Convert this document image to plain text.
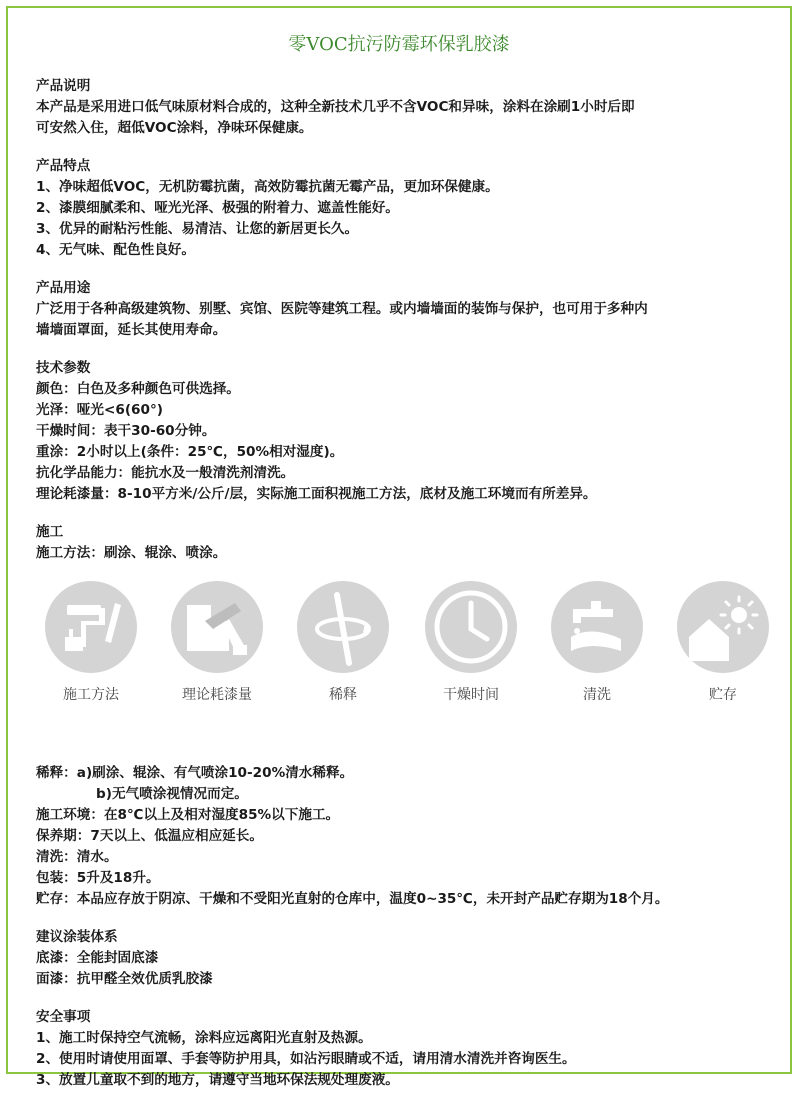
零VOC抗污防霉环保乳胶漆
产品说明
本产品是采用进口低气味原材料合成的，这种全新技术几乎不含VOC和异味，涂料在涂刷1小时后即
可安然入住，超低VOC涂料，净味环保健康。
产品特点
1、净味超低VOC，无机防霉抗菌，高效防霉抗菌无霉产品，更加环保健康。
2、漆膜细腻柔和、哑光光泽、极强的附着力、遮盖性能好。
3、优异的耐粘污性能、易清洁、让您的新居更长久。
4、无气味、配色性良好。
产品用途
广泛用于各种高级建筑物、别墅、宾馆、医院等建筑工程。或内墙墙面的装饰与保护，也可用于多种内
墙墙面罩面，延长其使用寿命。
技术参数
颜色：白色及多种颜色可供选择。
光泽：哑光<6(60°)
干燥时间：表干30-60分钟。
重涂：2小时以上(条件：25℃，50%相对湿度)。
抗化学品能力：能抗水及一般清洗剂清洗。
理论耗漆量：8-10平方米/公斤/层，实际施工面积视施工方法，底材及施工环境而有所差异。
施工
施工方法：刷涂、辊涂、喷涂。
施工方法	理论耗漆量	稀释	干燥时间	清洗	贮存
稀释：a)刷涂、辊涂、有气喷涂10-20%清水稀释。
b)无气喷涂视情况而定。
施工环境：在8℃以上及相对湿度85%以下施工。
保养期：7天以上、低温应相应延长。
清洗：清水。
包装：5升及18升。
贮存：本品应存放于阴凉、干燥和不受阳光直射的仓库中，温度0~35℃，未开封产品贮存期为18个月。
建议涂装体系
底漆：全能封固底漆
面漆：抗甲醛全效优质乳胶漆
安全事项
1、施工时保持空气流畅，涂料应远离阳光直射及热源。
2、使用时请使用面罩、手套等防护用具，如沾污眼睛或不适，请用清水清洗并咨询医生。
3、放置儿童取不到的地方，请遵守当地环保法规处理废液。
